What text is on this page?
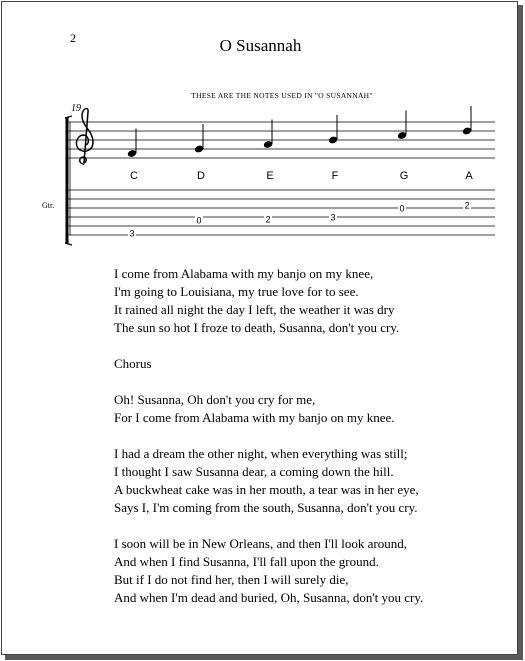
2	O Susannah
THESE ARE THE NOTES USED IN "O SUSANNAH"
19
Gtr.
C
3
D
0
E
2
F
3
G
0
A
2
I come from Alabama with my banjo on my knee,
I'm going to Louisiana, my true love for to see.
It rained all night the day I left, the weather it was dry
The sun so hot I froze to death, Susanna, don't you cry.
Chorus
Oh! Susanna, Oh don't you cry for me,
For I come from Alabama with my banjo on my knee.
I had a dream the other night, when everything was still;
I thought I saw Susanna dear, a coming down the hill.
A buckwheat cake was in her mouth, a tear was in her eye,
Says I, I'm coming from the south, Susanna, don't you cry.
I soon will be in New Orleans, and then I'll look around,
And when I find Susanna, I'll fall upon the ground.
But if I do not find her, then I will surely die,
And when I'm dead and buried, Oh, Susanna, don't you cry.
